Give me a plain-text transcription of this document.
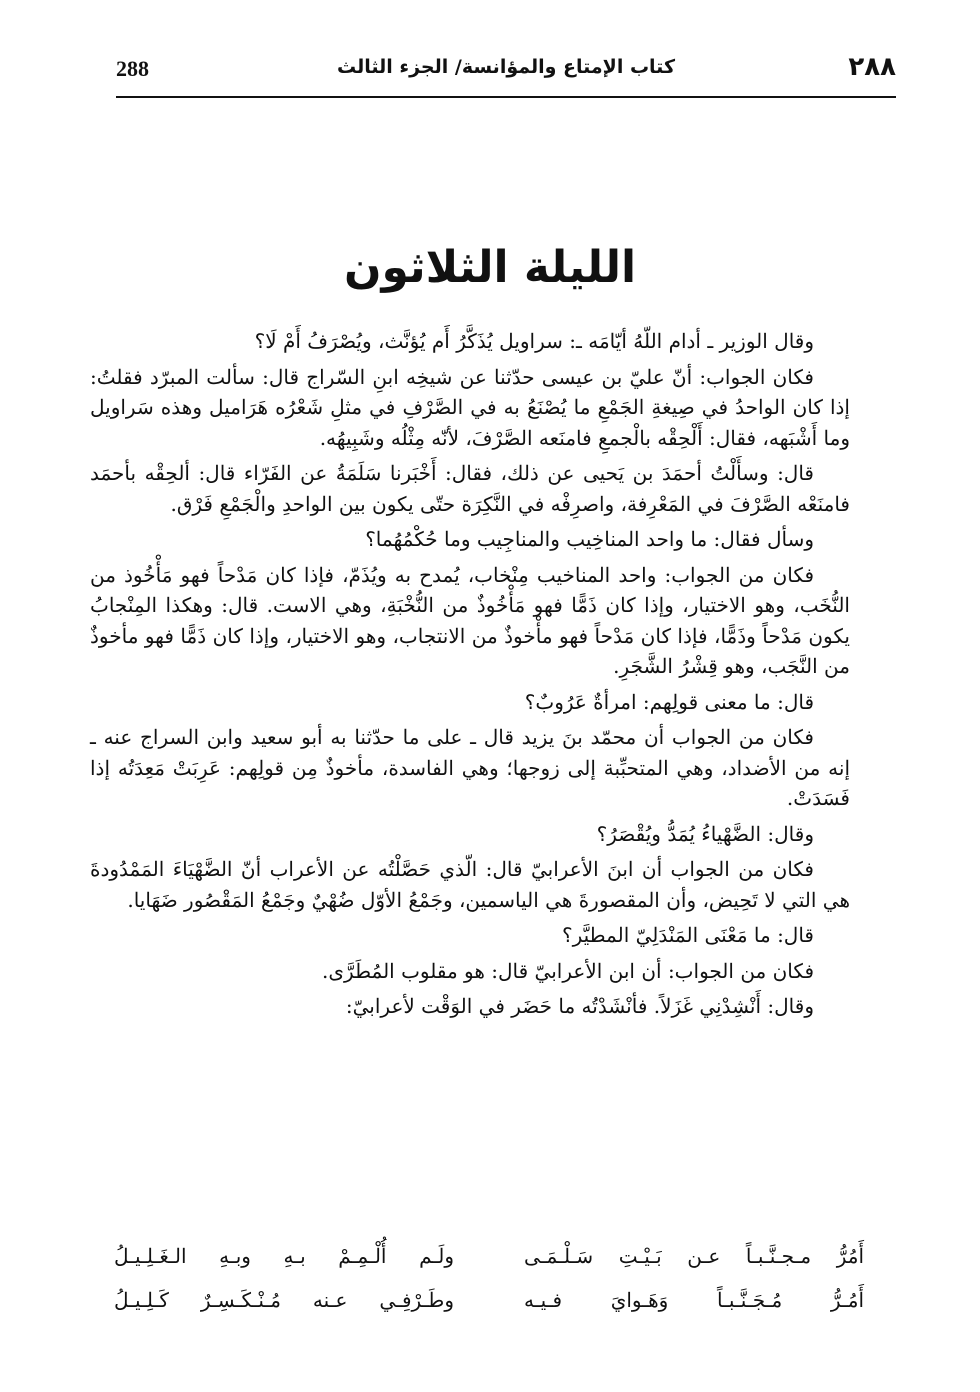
٢٨٨
كتاب الإمتاع والمؤانسة/ الجزء الثالث
288
الليلة الثلاثون

وقال الوزير ـ أدام اللّهُ أيّامَه ـ: سراويل يُذَكَّرُ أَم يُؤنَّث، ويُصْرَفُ أَمْ لَا؟

فكان الجواب: أنّ عليّ بن عيسى حدّثنا عن شيخِه ابنِ السّراج قال: سألت المبرّد فقلتُ: إذا كان الواحدُ في صِيغةِ الجَمْعِ ما يُصْنَعُ به في الصَّرْفِ في مثلِ شَعْرُه هَرَاميل وهذه سَراويل وما أَشْبَهه، فقال: أَلْحِقْه بالْجمعِ فامنَعه الصَّرْفَ، لأنّه مِثْلُه وشَبِيهُه.

قال: وسأَلْتُ أحمَدَ بن يَحيى عن ذلك، فقال: أَخْبَرنا سَلَمَةُ عن الفَرّاء قال: ألحِقْه بأحمَد فامنَعْه الصَّرْفَ في المَعْرِفة، واصرِفْه في النَّكِرَة حتّى يكون بين الواحدِ والْجَمْعِ فَرْق.

وسأل فقال: ما واحد المناخِيب والمناجِيب وما حُكْمُهُما؟

فكان من الجواب: واحد المناخيب مِنْخاب، يُمدح به ويُذَمّ، فإذا كان مَدْحاً فهو مَأْخُوذ من النُّخَب، وهو الاختيار، وإذا كان ذَمًّا فهو مَأْخُوذٌ من النُّخْبَةِ، وهي الاست. قال: وهكذا المِنْجابُ يكون مَدْحاً وذَمًّا، فإذا كان مَدْحاً فهو مأْخوذٌ من الانتجاب، وهو الاختيار، وإذا كان ذَمًّا فهو مأخوذٌ من النَّجَب، وهو قِشْرُ الشَّجَرِ.

قال: ما معنى قولِهم: امرأةٌ عَرُوبٌ؟

فكان من الجواب أن محمّد بنَ يزيد قال ـ على ما حدّثنا به أبو سعيد وابن السراج عنه ـ إنه من الأضداد، وهي المتحبِّبة إلى زوجها؛ وهي الفاسدة، مأخوذٌ مِن قولِهم: عَرِبَتْ مَعِدَتُه إذا فَسَدَتْ.

وقال: الضَّهْياءُ يُمَدُّ ويُقْصَرُ؟

فكان من الجواب أن ابنَ الأعرابيّ قال: الّذي حَصَّلْتُه عن الأعراب أنّ الضَّهْيَاءَ المَمْدُودةَ هي التي لا تَحِيض، وأن المقصورةَ هي الياسمين، وجَمْعُ الأوّل ضُهْيٌ وجَمْعُ المَقْصُور ضَهَايا.

قال: ما مَعْنَى المَنْدَلِيّ المطيَّر؟

فكان من الجواب: أن ابن الأعرابيّ قال: هو مقلوب المُطَرَّى.

وقال: أَنْشِدْنِي غَزَلاً. فأنْشَدْتُه ما حَضَر في الوَقْت لأعرابيّ:

أَمُرُّ مـجـنَّـبـاً عـن بَـيْـتِ سَـلْـمَـى
ولَـم أُلْـمِـمْ بـهِ وبـهِ الـغَـلِـيـلُ
أَمُـرُّ مُـجَـنَّـبـاً وَهَـوايَ فـيـه
وطَـرْفِـي عـنه مُـنْـكَـسِـرٌ كَـلِـيـلُ
